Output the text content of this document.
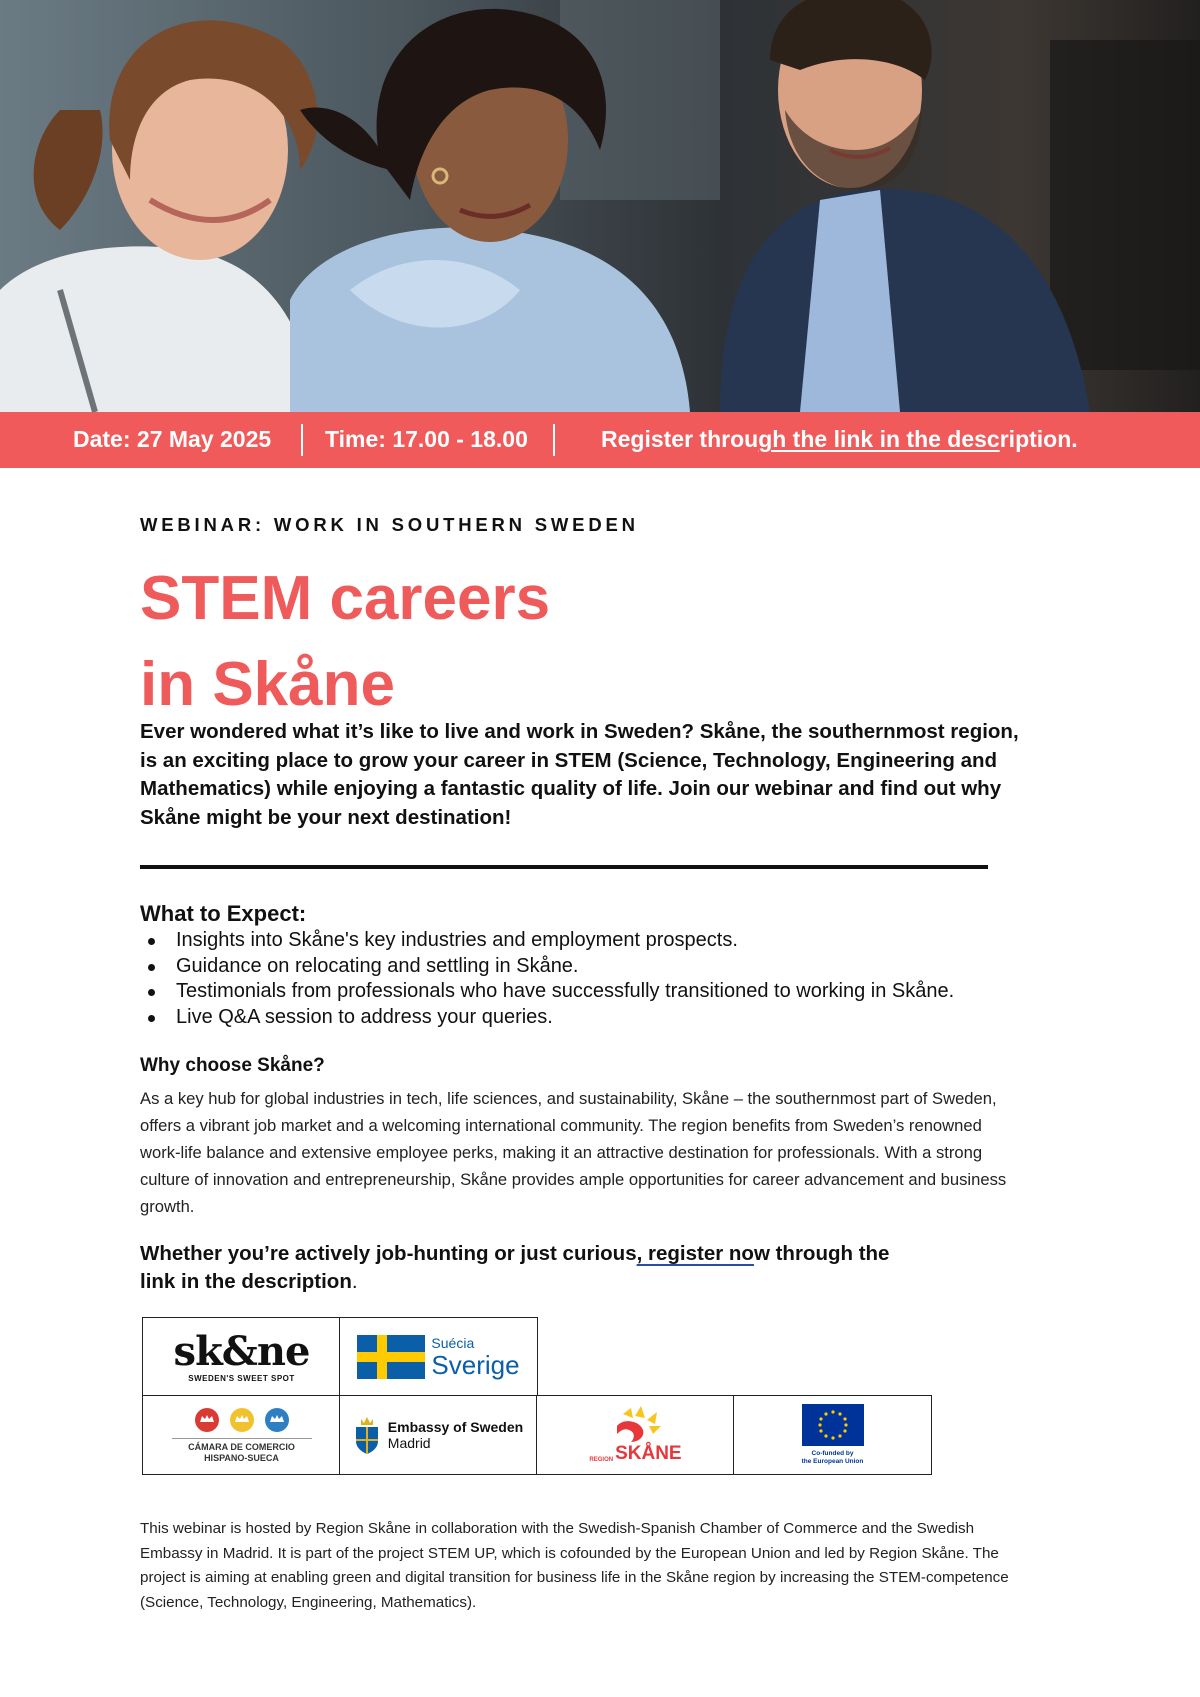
Date: 27 May 2025 Time: 17.00 - 18.00	Register through the link in the description.
WEBINAR: WORK IN SOUTHERN SWEDEN
STEM careers
in Skåne
Ever wondered what it’s like to live and work in Sweden? Skåne, the southernmost region, is an exciting place to grow your career in STEM (Science, Technology, Engineering and Mathematics) while enjoying a fantastic quality of life. Join our webinar and find out why Skåne might be your next destination!
What to Expect:
Insights into Skåne's key industries and employment prospects.
Guidance on relocating and settling in Skåne.
Testimonials from professionals who have successfully transitioned to working in Skåne.
Live Q&A session to address your queries.
Why choose Skåne?
As a key hub for global industries in tech, life sciences, and sustainability, Skåne – the southernmost part of Sweden, offers a vibrant job market and a welcoming international community. The region benefits from Sweden’s renowned work-life balance and extensive employee perks, making it an attractive destination for professionals. With a strong culture of innovation and entrepreneurship, Skåne provides ample opportunities for career advancement and business growth.
Whether you’re actively job-hunting or just curious, register now through the
link in the description.
sk&ne
SWEDEN'S SWEET SPOT
Suécia
Sverige
CÁMARA DE COMERCIO
HISPANO-SUECA
Embassy of Sweden
Madrid
REGION SKÅNE	Co-funded by
the European Union
This webinar is hosted by Region Skåne in collaboration with the Swedish-Spanish Chamber of Commerce and the Swedish Embassy in Madrid. It is part of the project STEM UP, which is cofounded by the European Union and led by Region Skåne. The project is aiming at enabling green and digital transition for business life in the Skåne region by increasing the STEM-competence (Science, Technology, Engineering, Mathematics).
